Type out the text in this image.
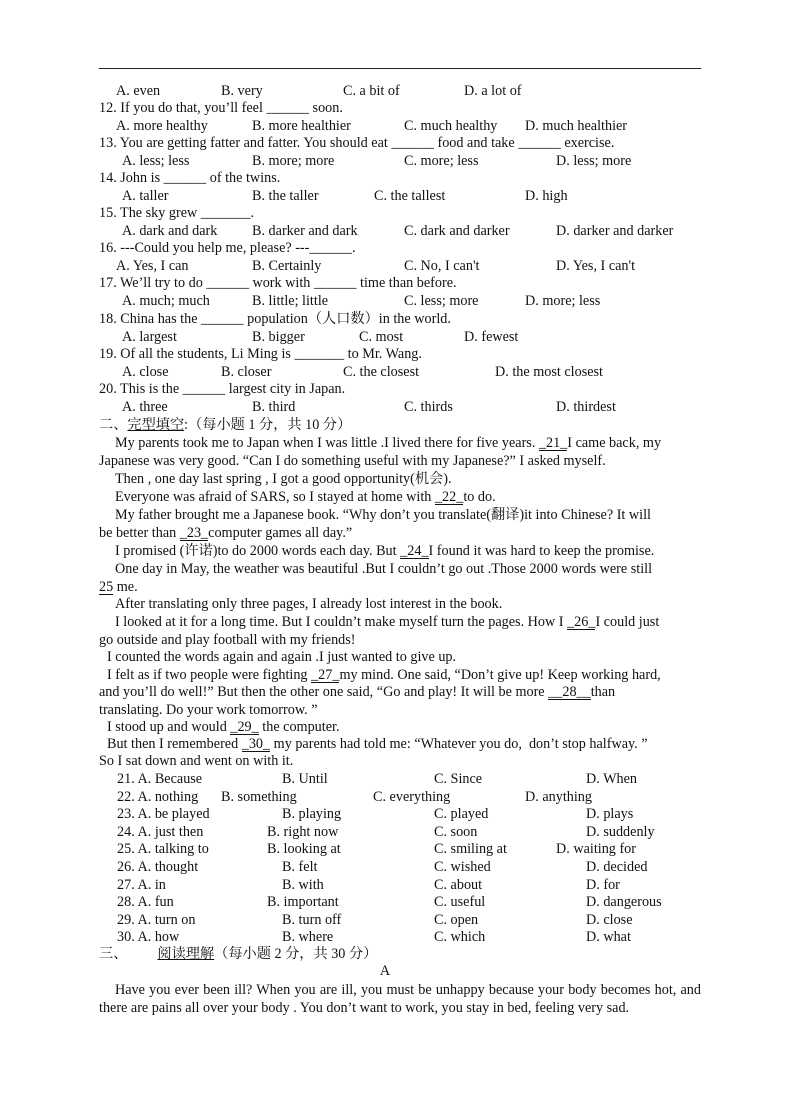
A. even	B. very	C. a bit of	D. a lot of
12. If you do that, you’ll feel ______ soon.
A. more healthy	B. more healthier	C. much healthy D. much healthier
13. You are getting fatter and fatter. You should eat ______ food and take ______ exercise.
A. less; less	B. more; more	C. more; less	D. less; more
14. John is ______ of the twins.
A. taller	B. the taller	C. the tallest	D. high
15. The sky grew _______.
A. dark and dark B. darker and dark	C. dark and darker	D. darker and darker
16. ---Could you help me, please? ---______.
A. Yes, I can	B. Certainly	C. No, I can't	D. Yes, I can't
17. We’ll try to do ______ work with ______ time than before.
A. much; much	B. little; little	C. less; more	D. more; less
18. China has the ______ population（人口数）in the world.
A. largest	B. bigger	C. most	D. fewest
19. Of all the students, Li Ming is _______ to Mr. Wang.
A. close	B. closer	C. the closest	D. the most closest
20. This is the ______ largest city in Japan.
A. three	B. third	C. thirds	D. thirdest
二、完型填空:（每小题 1 分，共 10 分）
My parents took me to Japan when I was little .I lived there for five years. _21_I came back, my
Japanese was very good. “Can I do something useful with my Japanese?” I asked myself.
Then , one day last spring , I got a good opportunity(机会).
Everyone was afraid of SARS, so I stayed at home with _22_to do.
My father brought me a Japanese book. “Why don’t you translate(翻译)it into Chinese? It will
be better than _23_computer games all day.”
I promised (许诺)to do 2000 words each day. But _24_I found it was hard to keep the promise.
One day in May, the weather was beautiful .But I couldn’t go out .Those 2000 words were still
25 me.
After translating only three pages, I already lost interest in the book.
I looked at it for a long time. But I couldn’t make myself turn the pages. How I _26_I could just
go outside and play football with my friends!
I counted the words again and again .I just wanted to give up.
I felt as if two people were fighting _27_my mind. One said, “Don’t give up! Keep working hard,
and you’ll do well!” But then the other one said, “Go and play! It will be more __28__than
translating. Do your work tomorrow. ”
I stood up and would _29_ the computer.
But then I remembered _30_ my parents had told me: “Whatever you do,  don’t stop halfway. ”
So I sat down and went on with it.
21. A. Because	B. Until	C. Since	D. When
22. A. nothing B. something	C. everything	D. anything
23. A. be played	B. playing	C. played	D. plays
24. A. just then	B. right now	C. soon	D. suddenly
25. A. talking to	B. looking at	C. smiling at	D. waiting for
26. A. thought	B. felt	C. wished	D. decided
27. A. in	B. with	C. about	D. for
28. A. fun	B. important	C. useful	D. dangerous
29. A. turn on	B. turn off	C. open	D. close
30. A. how	B. where	C. which	D. what
三、 阅读理解（每小题 2 分，共 30 分）
A
Have you ever been ill? When you are ill, you must be unhappy because your body becomes hot, and there are pains all over your body . You don’t want to work, you stay in bed, feeling very sad.
